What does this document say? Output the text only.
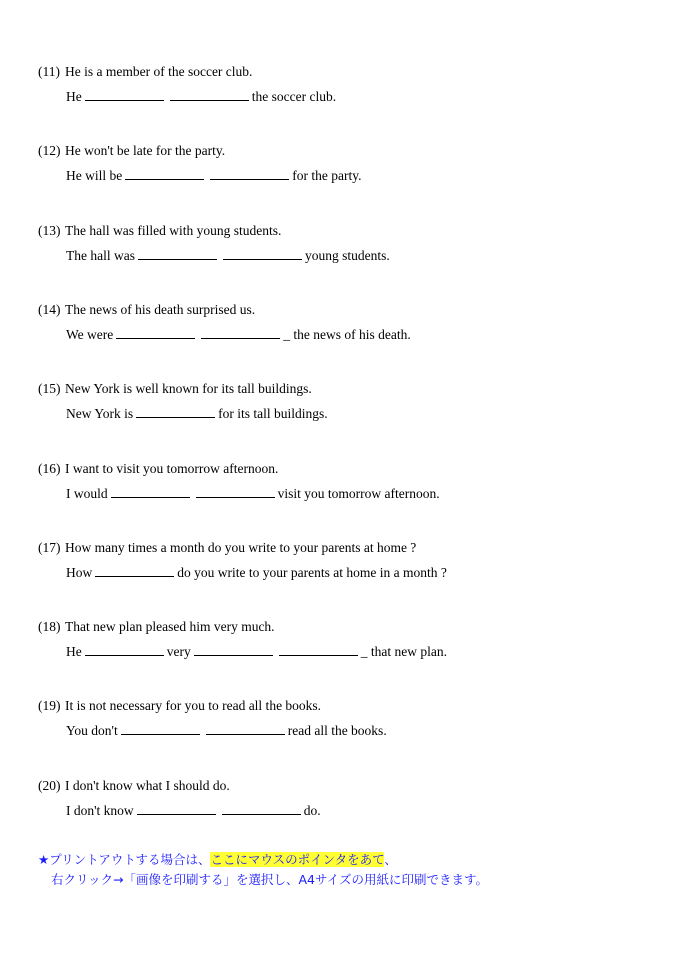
(11) He is a member of the soccer club.
He	the soccer club.
(12) He won't be late for the party.
He will be	for the party.
(13) The hall was filled with young students.
The hall was	young students.
(14) The news of his death surprised us.
We were	_ the news of his death.
(15) New York is well known for its tall buildings.
New York is	for its tall buildings.
(16) I want to visit you tomorrow afternoon.
I would	visit you tomorrow afternoon.
(17) How many times a month do you write to your parents at home ?
How	do you write to your parents at home in a month ?
(18) That new plan pleased him very much.
He	very	_ that new plan.
(19) It is not necessary for you to read all the books.
You don't	read all the books.
(20) I don't know what I should do.
I don't know	do.
★プリントアウトする場合は、ここにマウスのポインタをあて、
右クリック→「画像を印刷する」を選択し、A4サイズの用紙に印刷できます。
